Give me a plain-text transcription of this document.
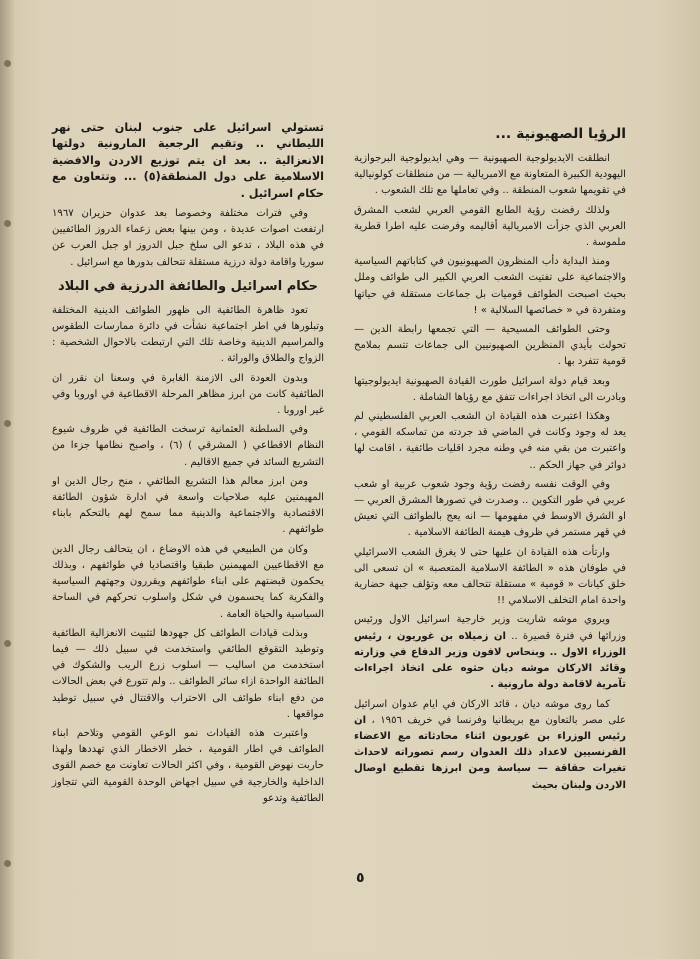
الرؤيا الصهيونية ...

انطلقت الايديولوجية الصهيونية — وهي ايديولوجية البرجوازية اليهودية الكبيرة المتعاونة مع الامبريالية — من منطلقات كولونيالية في تقويمها شعوب المنطقة .. وفي تعاملها مع تلك الشعوب .

ولذلك رفضت رؤية الطابع القومي العربي لشعب المشرق العربي الذي جزأت الامبريالية أقاليمه وفرضت عليه اطرا قطرية ملموسة .

ومنذ البداية دأب المنظرون الصهيونيون في كتاباتهم السياسية والاجتماعية على تفتيت الشعب العربي الكبير الى طوائف وملل بحيث اصبحت الطوائف قوميات بل جماعات مستقلة في حياتها ومتفردة في « خصائصها السلالية » !

وحتى الطوائف المسيحية — التي تجمعها رابطة الدين — تحولت بأيدي المنظرين الصهيونيين الى جماعات تتسم بملامح قومية تتفرد بها .

وبعد قيام دولة اسرائيل طورت القيادة الصهيونية ايديولوجيتها وبادرت الى اتخاذ اجراءات تتفق مع رؤياها الشاملة .

وهكذا اعتبرت هذه القيادة ان الشعب العربي الفلسطيني لم يعد له وجود وكانت في الماضي قد جردته من تماسكه القومي ، واعتبرت من بقي منه في وطنه مجرد اقليات طائفية ، اقامت لها دوائر في جهاز الحكم ..

وفي الوقت نفسه رفضت رؤية وجود شعوب عربية او شعب عربي في طور التكوين .. وصدرت في تصورها المشرق العربي — او الشرق الاوسط في مفهومها — انه يعج بالطوائف التي تعيش في قهر مستمر في ظروف هيمنة الطائفة الاسلامية .

وارتأت هذه القيادة ان عليها حتى لا يغرق الشعب الاسرائيلي في طوفان هذه « الطائفة الاسلامية المتعصبة » ان تسعى الى خلق كيانات « قومية » مستقلة تتحالف معه وتؤلف جبهة حضارية واحدة امام التخلف الاسلامي !!

ويروي موشه شاريت وزير خارجية اسرائيل الاول ورئيس وزرائها في فترة قصيرة .. ان زميلاه بن غوريون ، رئيس الوزراء الاول .. وبنحاس لافون وزير الدفاع في وزارته وقائد الاركان موشه ديان حثوه على اتخاذ اجراءات تآمرية لاقامة دولة مارونية .

كما روى موشه ديان ، قائد الاركان في ايام عدوان اسرائيل على مصر بالتعاون مع بريطانيا وفرنسا في خريف ١٩٥٦ ، ان رئيس الوزراء بن غوريون اثناء محادثاته مع الاعضاء الفرنسيين لاعداد ذلك العدوان رسم تصوراته لاحداث تغيرات حقاقة — سياسة ومن ابرزها تقطيع اوصال الاردن ولبنان بحيث

تستولي اسرائيل على جنوب لبنان حتى نهر الليطاني .. وتقيم الرجعية المارونية دولتها الانعزالية .. بعد ان يتم توزيع الاردن والافضية الاسلامية على دول المنطقة(٥) ... وتتعاون مع حكام اسرائيل .

وفي فترات مختلفة وخصوصا بعد عدوان حزيران ١٩٦٧ ارتفعت اصوات عديدة ، ومن بينها بعض زعماء الدروز الطائفيين في هذه البلاد ، تدعو الى سلخ جبل الدروز او جبل العرب عن سوريا واقامة دولة درزية مستقلة تتحالف بدورها مع اسرائيل .

حكام اسرائيل والطائفة الدرزية في البلاد

تعود ظاهرة الطائفية الى ظهور الطوائف الدينية المختلفة وتبلورها في اطر اجتماعية نشأت في دائرة ممارسات الطقوس والمراسيم الدينية وخاصة تلك التي ارتبطت بالاحوال الشخصية : الزواج والطلاق والوراثة .

وبدون العودة الى الازمنة الغابرة في وسعنا ان نقرر ان الطائفية كانت من ابرز مظاهر المرحلة الاقطاعية في اوروبا وفي غير اوروبا .

وفي السلطنة العثمانية ترسخت الطائفية في ظروف شيوع النظام الاقطاعي ( المشرقي ) (٦) ، واصبح نظامها جزءا من التشريع السائد في جميع الاقاليم .

ومن ابرز معالم هذا التشريع الطائفي ، منح رجال الدين او المهيمنين عليه صلاحيات واسعة في ادارة شؤون الطائفة الاقتصادية والاجتماعية والدينية مما سمح لهم بالتحكم بابناء طوائفهم .

وكان من الطبيعي في هذه الاوضاع ، ان يتحالف رجال الدين مع الاقطاعيين المهيمنين طبقيا واقتصاديا في طوائفهم ، وبذلك يحكمون قبضتهم على ابناء طوائفهم ويقررون وجهتهم السياسية والفكرية كما يحسمون في شكل واسلوب تحركهم في الساحة السياسية والحياة العامة .

وبذلت قيادات الطوائف كل جهودها لتثبيت الانعزالية الطائفية وتوطيد التقوقع الطائفي واستخدمت في سبيل ذلك — فيما استخدمت من اساليب — اسلوب زرع الريب والشكوك في الطائفة الواحدة ازاء سائر الطوائف .. ولم تتورع في بعض الحالات من دفع ابناء طوائف الى الاحتراب والاقتتال في سبيل توطيد مواقعها .

واعتبرت هذه القيادات نمو الوعي القومي وتلاحم ابناء الطوائف في اطار القومية ، خطر الاخطار الذي تهددها ولهذا حاربت نهوض القومية ، وفي اكثر الحالات تعاونت مع خصم القوى الداخلية والخارجية في سبيل اجهاض الوحدة القومية التي تتجاوز الطائفية وتدعو

٥
